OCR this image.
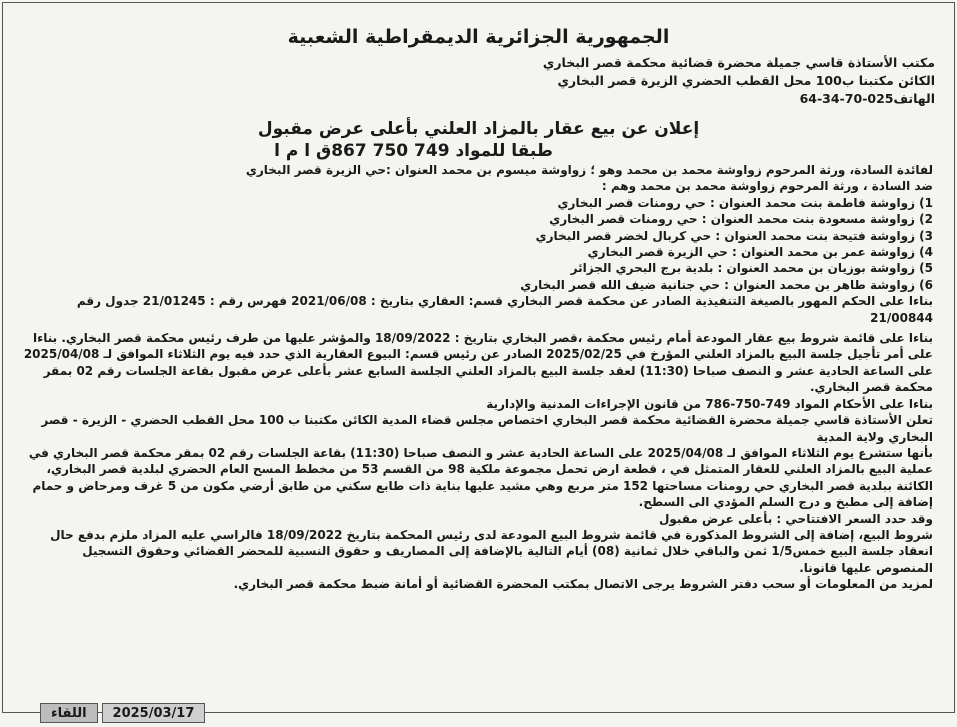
الجمهورية الجزائرية الديمقراطية الشعبية
مكتب الأستاذة قاسي جميلة محضرة قضائية محكمة قصر البخاري
الكائن مكتبنا ب100 محل القطب الحضري الزيرة قصر البخاري
الهاتف025-70-34-64
إعلان عن بيع عقار بالمزاد العلني بأعلى عرض مقبول
طبقا للمواد 749 750 867ق ا م ا

لفائدة السادة، ورثة المرحوم زواوشة محمد بن محمد وهو ؛ زواوشة ميسوم بن محمد العنوان :حي الزيرة قصر البخاري

ضد السادة ، ورثة المرحوم زواوشة محمد بن محمد وهم :

1) زواوشة فاطمة بنت محمد العنوان : حي رومنات قصر البخاري
2) زواوشة مسعودة بنت محمد العنوان : حي رومنات قصر البخاري
3) زواوشة فتيحة بنت محمد العنوان : حي كربال لخضر قصر البخاري
4) زواوشة عمر بن محمد العنوان : حي الزيرة قصر البخاري
5) زواوشة بوزيان بن محمد العنوان : بلدية برج البحري الجزائر
6) زواوشة طاهر بن محمد العنوان : حي جنانية ضيف الله قصر البخاري

بناءا على الحكم المهور بالصيغة التنفيذية الصادر عن محكمة قصر البخاري قسم: العقاري بتاريخ : 2021/06/08 فهرس رقم : 21/01245 جدول رقم 21/00844

بناءا على قائمة شروط بيع عقار المودعة أمام رئيس محكمة ،قصر البخاري بتاريخ : 18/09/2022 والمؤشر عليها من طرف رئيس محكمة قصر البخاري. بناءا على أمر تأجيل جلسة البيع بالمزاد العلني المؤرخ في 2025/02/25 الصادر عن رئيس قسم: البيوع العقارية الذي حدد فيه يوم الثلاثاء الموافق لـ 2025/04/08 على الساعة الحادية عشر و النصف صباحا (11:30) لعقد جلسة البيع بالمزاد العلني الجلسة السابع عشر بأعلى عرض مقبول بقاعة الجلسات رقم 02 بمقر محكمة قصر البخاري.

بناءا على الأحكام المواد 749-750-786 من قانون الإجراءات المدنية والإدارية

تعلن الأستاذة قاسي جميلة محضرة القضائية محكمة قصر البخاري اختصاص مجلس قضاء المدية الكائن مكتبنا ب 100 محل القطب الحضري - الزيرة - قصر البخاري ولاية المدية

بأنها ستشرع يوم الثلاثاء الموافق لـ 2025/04/08 على الساعة الحادية عشر و النصف صباحا (11:30) بقاعة الجلسات رقم 02 بمقر محكمة قصر البخاري في عملية البيع بالمزاد العلني للعقار المتمثل في ، قطعة ارض تحمل مجموعة ملكية 98 من القسم 53 من مخطط المسح العام الحضري لبلدية قصر البخاري، الكائنة ببلدية قصر البخاري حي رومنات مساحتها 152 متر مربع وهي مشيد عليها بناية ذات طابع سكني من طابق أرضي مكون من 5 غرف ومرحاض و حمام إضافة إلى مطبخ و درج السلم المؤدي الى السطح.

وقد حدد السعر الافتتاحي : بأعلى عرض مقبول

شروط البيع، إضافة إلى الشروط المذكورة في قائمة شروط البيع المودعة لدى رئيس المحكمة بتاريخ 18/09/2022 فالراسي عليه المزاد ملزم بدفع حال انعقاد جلسة البيع خمس1/5 ثمن والباقي خلال ثمانية (08) أيام التالية بالإضافة إلى المصاريف و حقوق النسبية للمحضر القضائي وحقوق التسجيل المنصوص عليها قانونا.

لمزيد من المعلومات أو سحب دفتر الشروط يرجى الاتصال بمكتب المحضرة القضائية أو أمانة ضبط محكمة قصر البخاري.

اللقاء	2025/03/17
